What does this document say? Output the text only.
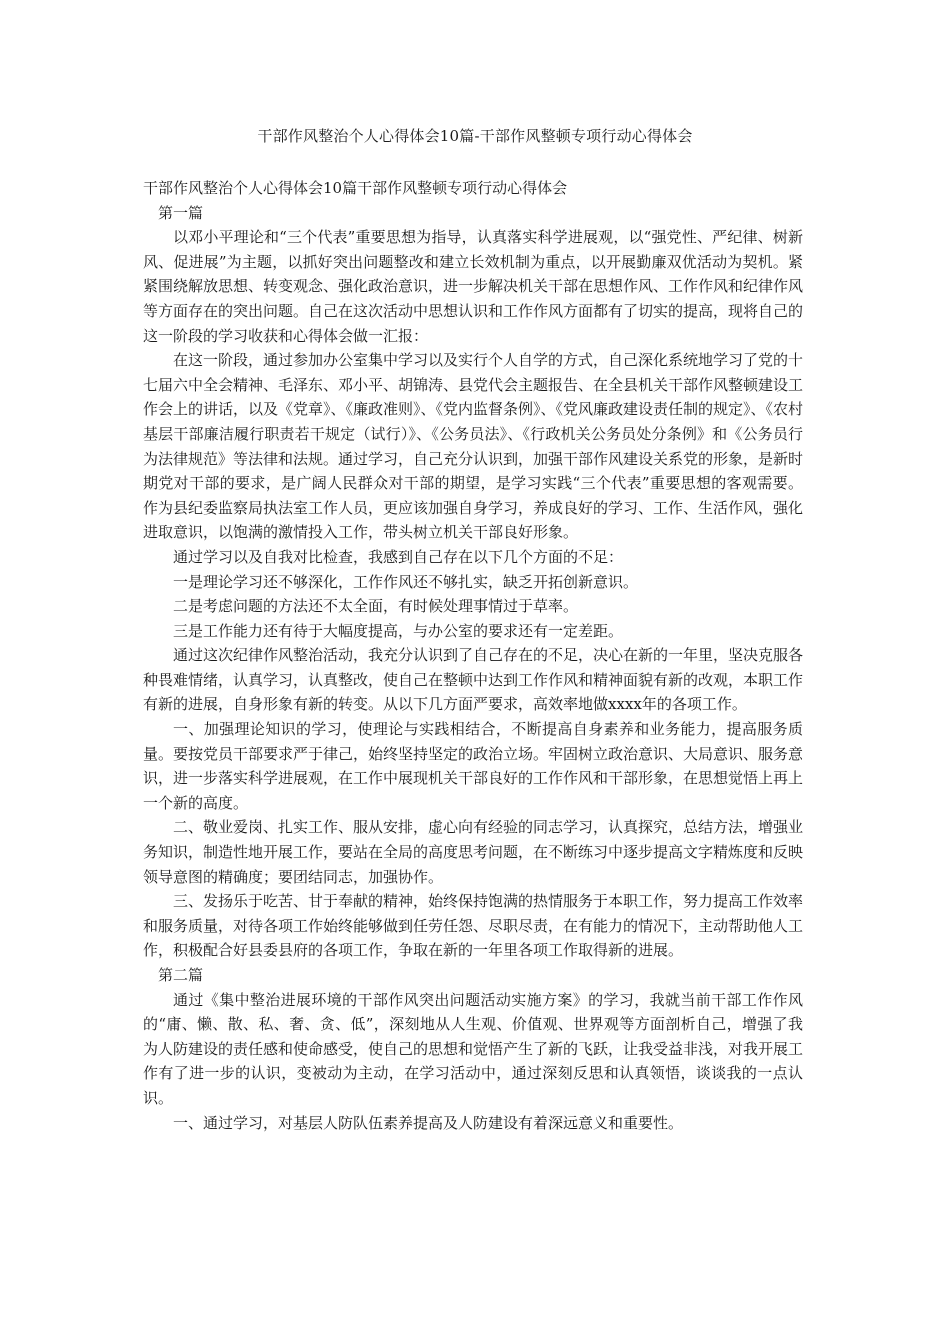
干部作风整治个人心得体会10篇-干部作风整顿专项行动心得体会

干部作风整治个人心得体会10篇干部作风整顿专项行动心得体会

第一篇

以邓小平理论和“三个代表”重要思想为指导，认真落实科学进展观，以“强党性、严纪律、树新风、促进展”为主题，以抓好突出问题整改和建立长效机制为重点，以开展勤廉双优活动为契机。紧紧围绕解放思想、转变观念、强化政治意识，进一步解决机关干部在思想作风、工作作风和纪律作风等方面存在的突出问题。自己在这次活动中思想认识和工作作风方面都有了切实的提高，现将自己的这一阶段的学习收获和心得体会做一汇报：

在这一阶段，通过参加办公室集中学习以及实行个人自学的方式，自己深化系统地学习了党的十七届六中全会精神、毛泽东、邓小平、胡锦涛、县党代会主题报告、在全县机关干部作风整顿建设工作会上的讲话，以及《党章》、《廉政准则》、《党内监督条例》、《党风廉政建设责任制的规定》、《农村基层干部廉洁履行职责若干规定（试行）》、《公务员法》、《行政机关公务员处分条例》和《公务员行为法律规范》等法律和法规。通过学习，自己充分认识到，加强干部作风建设关系党的形象，是新时期党对干部的要求，是广阔人民群众对干部的期望，是学习实践“三个代表”重要思想的客观需要。作为县纪委监察局执法室工作人员，更应该加强自身学习，养成良好的学习、工作、生活作风，强化进取意识，以饱满的激情投入工作，带头树立机关干部良好形象。

通过学习以及自我对比检查，我感到自己存在以下几个方面的不足：

一是理论学习还不够深化，工作作风还不够扎实，缺乏开拓创新意识。

二是考虑问题的方法还不太全面，有时候处理事情过于草率。

三是工作能力还有待于大幅度提高，与办公室的要求还有一定差距。

通过这次纪律作风整治活动，我充分认识到了自己存在的不足，决心在新的一年里，坚决克服各种畏难情绪，认真学习，认真整改，使自己在整顿中达到工作作风和精神面貌有新的改观，本职工作有新的进展，自身形象有新的转变。从以下几方面严要求，高效率地做xxxx年的各项工作。

一、加强理论知识的学习，使理论与实践相结合，不断提高自身素养和业务能力，提高服务质量。要按党员干部要求严于律己，始终坚持坚定的政治立场。牢固树立政治意识、大局意识、服务意识，进一步落实科学进展观，在工作中展现机关干部良好的工作作风和干部形象，在思想觉悟上再上一个新的高度。

二、敬业爱岗、扎实工作、服从安排，虚心向有经验的同志学习，认真探究，总结方法，增强业务知识，制造性地开展工作，要站在全局的高度思考问题，在不断练习中逐步提高文字精炼度和反映领导意图的精确度；要团结同志，加强协作。

三、发扬乐于吃苦、甘于奉献的精神，始终保持饱满的热情服务于本职工作，努力提高工作效率和服务质量，对待各项工作始终能够做到任劳任怨、尽职尽责，在有能力的情况下，主动帮助他人工作，积极配合好县委县府的各项工作，争取在新的一年里各项工作取得新的进展。

第二篇

通过《集中整治进展环境的干部作风突出问题活动实施方案》的学习，我就当前干部工作作风的“庸、懒、散、私、奢、贪、低”，深刻地从人生观、价值观、世界观等方面剖析自己，增强了我为人防建设的责任感和使命感受，使自己的思想和觉悟产生了新的飞跃，让我受益非浅，对我开展工作有了进一步的认识，变被动为主动，在学习活动中，通过深刻反思和认真领悟，谈谈我的一点认识。

一、通过学习，对基层人防队伍素养提高及人防建设有着深远意义和重要性。
